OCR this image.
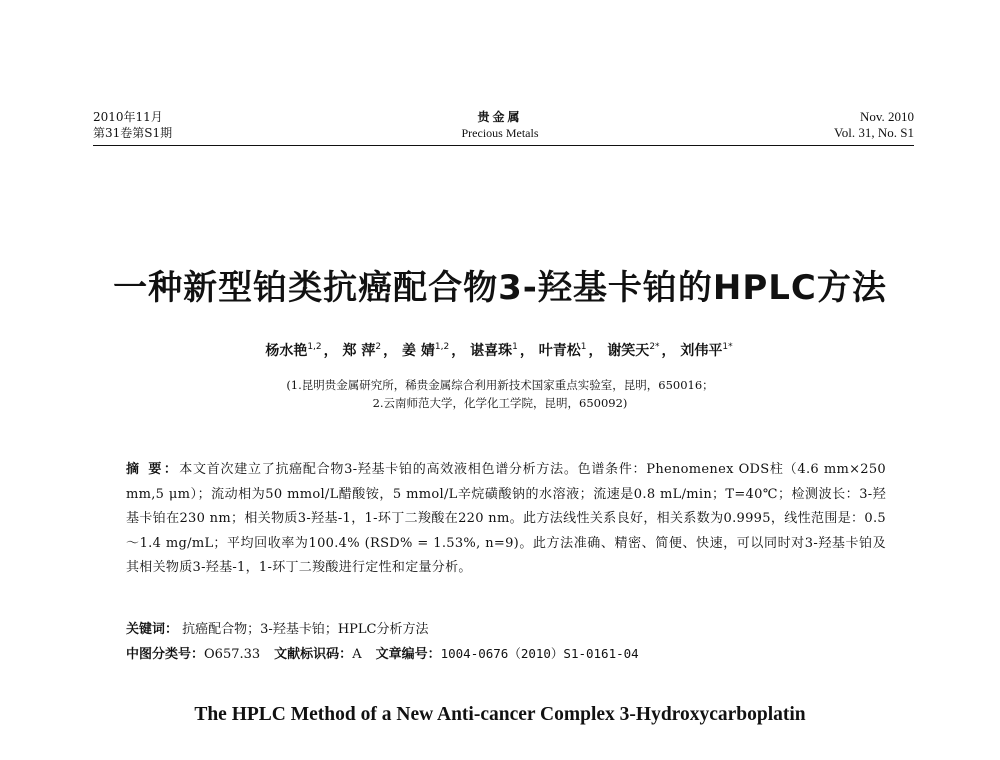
2010年11月
第31卷第S1期
贵金属
Precious Metals
Nov. 2010
Vol. 31, No. S1
一种新型铂类抗癌配合物3-羟基卡铂的HPLC方法
杨水艳$^{1,2}$ ， 郑 萍$^2$ ， 姜 婧$^{1,2}$ ， 谌喜珠$^1$ ， 叶青松$^1$ ， 谢笑天$^{2*}$ ， 刘伟平$^{1*}$
(1.昆明贵金属研究所，稀贵金属综合利用新技术国家重点实验室，昆明，650016；
2.云南师范大学，化学化工学院，昆明，650092)
摘 要：本文首次建立了抗癌配合物3-羟基卡铂的高效液相色谱分析方法。色谱条件：Phenomenex ODS柱（4.6 mm×250 mm,5 μm）；流动相为50 mmol/L醋酸铵，5 mmol/L辛烷磺酸钠的水溶液；流速是0.8 mL/min；T=40℃；检测波长：3-羟基卡铂在230 nm；相关物质3-羟基-1，1-环丁二羧酸在220 nm。此方法线性关系良好，相关系数为0.9995，线性范围是：0.5～1.4 mg/mL；平均回收率为100.4% (RSD% = 1.53%, n=9)。此方法准确、精密、简便、快速，可以同时对3-羟基卡铂及其相关物质3-羟基-1，1-环丁二羧酸进行定性和定量分析。
关键词： 抗癌配合物；3-羟基卡铂；HPLC分析方法
中图分类号：O657.33 文献标识码：A 文章编号：1004-0676（2010）S1-0161-04
The HPLC Method of a New Anti-cancer Complex 3-Hydroxycarboplatin
